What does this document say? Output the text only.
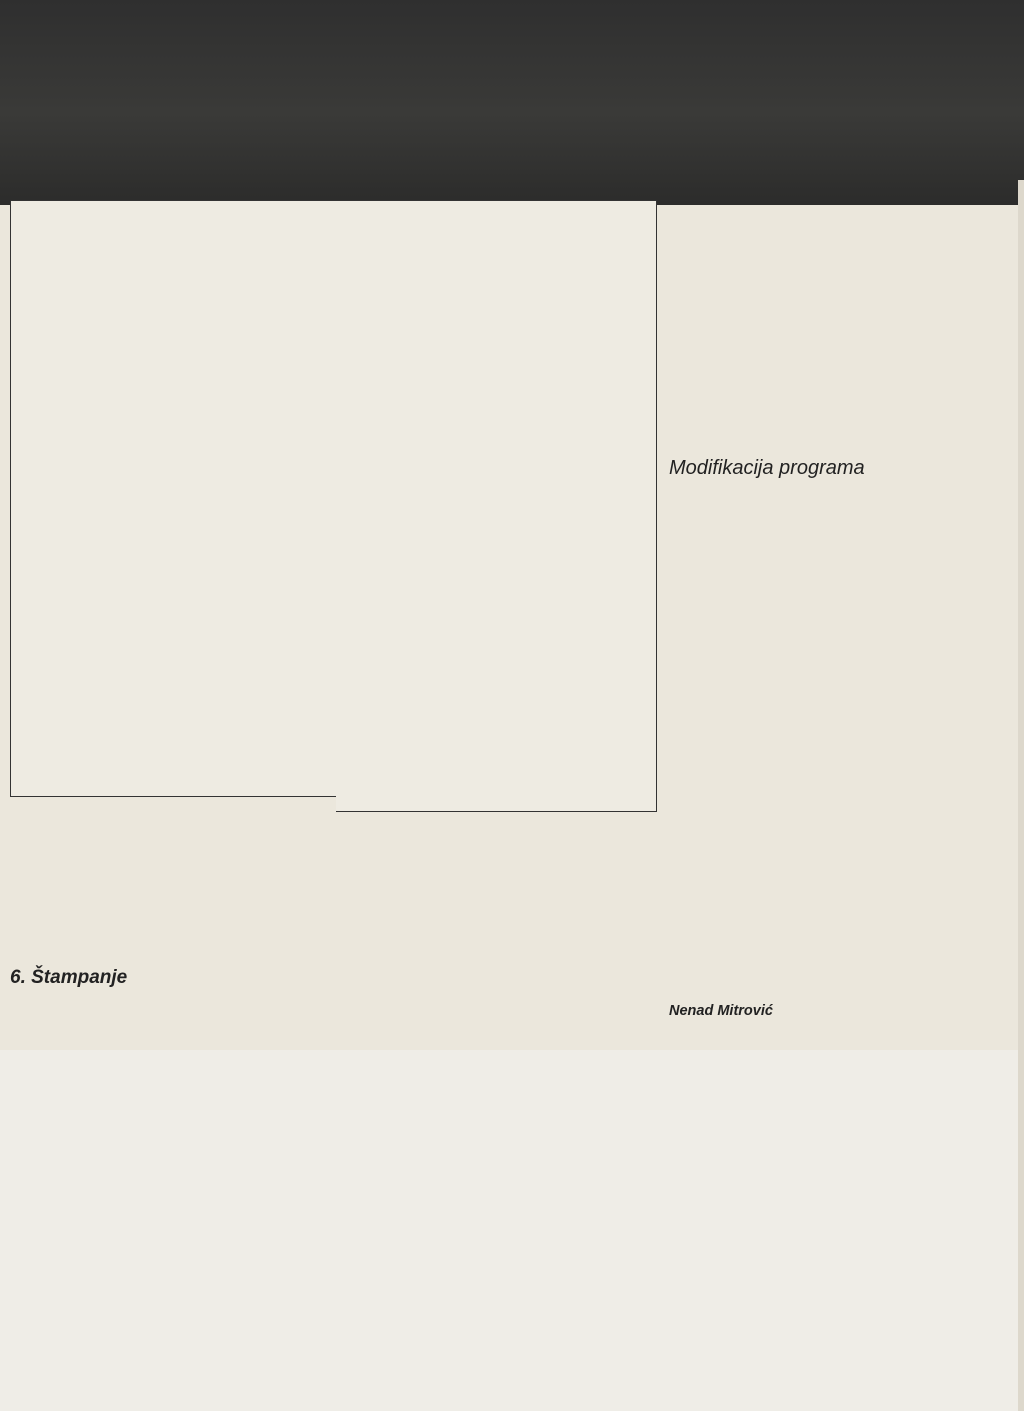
Modifikacija programa
Nenad Mitrović
6. Štampanje
